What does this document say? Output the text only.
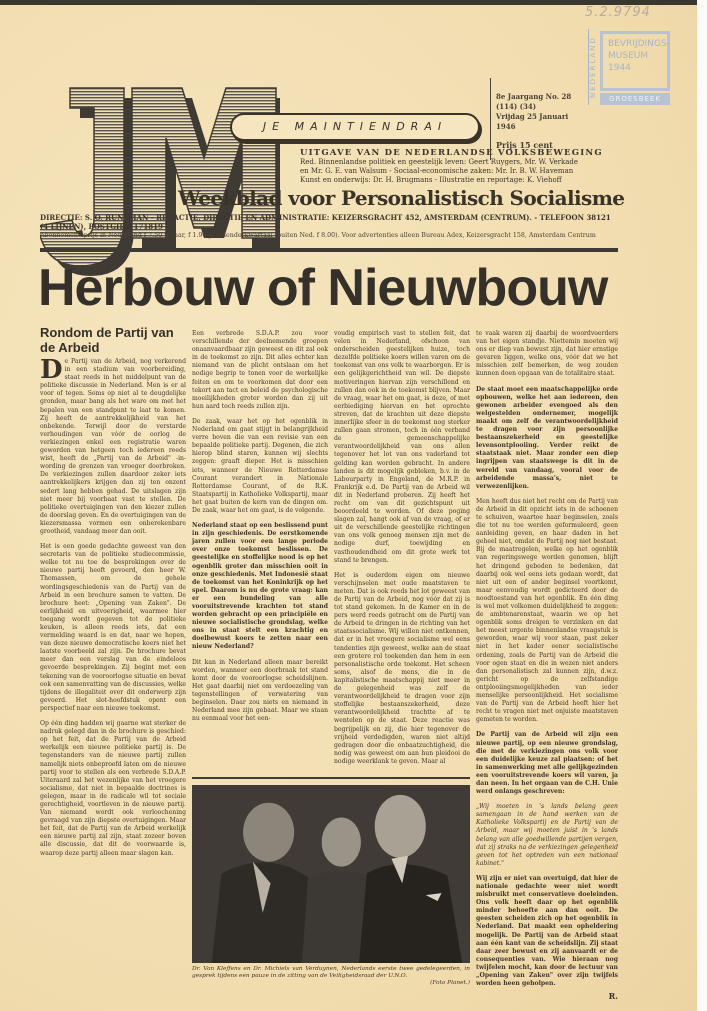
5.2.9794
NEDERLAND BEVRIJDINGS-
MUSEUM
1944
GROESBEEK
JE MAINTIENDRAI
8e Jaargang No. 28 (114) (34)
Vrijdag 25 Januari 1946
Prijs 15 cent
UITGAVE VAN DE NEDERLANDSE VOLKSBEWEGING
Red. Binnenlandse politiek en geestelijk leven: Geert Ruygers, Mr. W. Verkade
en Mr. G. E. van Walsum - Sociaal-economische zaken: Mr. Ir. B. W. Haveman
Kunst en onderwijs: Dr. H. Brugmans - Illustratie en reportage: K. Viehoff
Weekblad voor Personalistisch Socialisme
DIRECTIE: S. O. RUNEMAN - REDACTIE, DIRECTIE EN ADMINISTRATIE: KEIZERSGRACHT 452, AMSTERDAM (CENTRUM). - TELEFOON 38121 (4 LIJNEN), POSTGIRO 171819
Abonnementsprijs in Nederland f 7.50 p. jaar, f 1.90 p. kalenderkwartaal (buiten Ned. f 8.00). Voor advertenties alleen Bureau Adex, Keizersgracht 158, Amsterdam Centrum
Herbouw of Nieuwbouw
Rondom de Partij van de Arbeid

De Partij van de Arbeid, nog verkerend in een stadium van voorbereiding, staat reeds in het middelpunt van de politieke discussie in Nederland. Men is er al voor of tegen. Soms op niet al te deugdelijke gronden, maar bang als het ware om met het bepalen van een standpunt te laat te komen. Zij heeft de aantrekkelijkheid van het onbekende. Terwijl door de verstarde verhoudingen van vóór de oorlog de verkiezingen enkel een registratie waren geworden van hetgeen toch iedereen reeds wist, heeft de „Partij van de Arbeid" -in-wording de grenzen van vroeger doorbroken. De verkiezingen zullen daardoor zeker iets aantrekkelijkers krijgen dan zij ten onzent sedert lang hebben gehad. De uitslagen zijn niet meer bij voorbaat vast te stellen. De politieke overtuigingen van den kiezer zullen de doorslag geven. En de overtuigingen van de kiezersmassa vormen een onberekenbare grootheid, vandaag meer dan ooit.

Het is een goede gedachte geweest van den secretaris van de politieke studiecommissie, welke tot nu toe de besprekingen over de nieuwe partij heeft gevoerd, den heer W. Thomassen, om de gehele wordingsgeschiedenis van de Partij van de Arbeid in een brochure samen te vatten. De brochure heet: „Opening van Zaken". De eerlijkheid en uitvoerigheid, waarmee hier toegang wordt gegeven tot de politieke keuken, is alleen reeds iets, dat een vermelding waard is en dat, naar we hopen, van deze nieuwe democratische koers niet het laatste voorbeeld zal zijn. De brochure bevat meer dan een verslag van de eindeloos gevoerde besprekingen. Zij begint met een tekening van de vooroorlogse situatie en bevat ook een samenvatting van de discussies, welke tijdens de illegaliteit over dit onderwerp zijn gevoerd. Het slot-hoofdstuk opent een perspectief naar een nieuwe toekomst.

Op één ding hadden wij gaarne wat sterker de nadruk gelegd dan in de brochure is geschied: op het feit, dat de Partij van de Arbeid werkelijk een nieuwe politieke partij is. De tegenstanders van de nieuwe partij zullen namelijk niets onbeproefd laten om de nieuwe partij voor te stellen als een verbrede S.D.A.P. Uiteraard zal het wezenlijke van het vroegere socialisme, dat niet in bepaalde doctrines is gelegen, maar in de radicale wil tot sociale gerechtigheid, voortleven in de nieuwe partij. Van niemand wordt ook verloochening gevraagd van zijn diepste overtuigingen. Maar het feit, dat de Partij van de Arbeid werkelijk een nieuwe partij zal zijn, staat zozeer boven alle discussie, dat dit de voorwaarde is, waarop deze partij alleen maar slagen kan.

Een verbrede S.D.A.P. zou voor verschillende der deelnemende groepen onaanvaardbaar zijn geweest en dit zal ook in de toekomst zo zijn. Dit alles echter kan niemand van de plicht ontslaan om het nodige begrip te tonen voor de werkelijke feiten en om te voorkomen dat door een tekort aan tact en beleid de psychologische moeilijkheden groter worden dan zij uit hun aard toch reeds zullen zijn.

De zaak, waar het op het ogenblik in Nederland om gaat stijgt in belangrijkheid verre boven die van een revisie van een bepaalde politieke partij. Degenen, die zich hierop blind staren, kunnen wij slechts zeggen: graaft dieper. Het is misschien iets, wanneer de Nieuwe Rotterdamse Courant verandert in Nationale Rotterdamse Courant, of de R.K. Staatspartij in Katholieke Volkspartij, maar het gaat buiten de kern van de dingen om. De zaak, waar het om gaat, is de volgende.

Nederland staat op een beslissend punt in zijn geschiedenis. De eerstkomende jaren zullen voor een lange periode over onze toekomst beslissen. De geestelijke en stoffelijke nood is op het ogenblik groter dan misschien ooit in onze geschiedenis. Met Indonesië staat de toekomst van het Koninkrijk op het spel. Daarom is nu de grote vraag: kan er een bundeling van alle vooruitstrevende krachten tot stand worden gebracht op een principiële en nieuwe socialistische grondslag, welke ons in staat stelt een krachtig en doelbewust koers te zetten naar een nieuw Nederland?

Dit kan in Nederland alleen maar bereikt worden, wanneer een doorbraak tot stand komt door de vooroorlogse scheidslijnen. Het gaat daarbij niet om verdoezeling van tegenstellingen of verwatering van beginselen. Daar zou niets en niemand in Nederland mee zijn gebaat. Maar we staan nu eenmaal voor het een-

voudig empirisch vast te stellen feit, dat velen in Nederland, ofschoon van onderscheiden geestelijken huize, toch dezelfde politieke koers willen varen om de toekomst van ons volk te waarborgen. Er is een gelijkgerichtheid van wil. De diepste motiveringen hiervan zijn verschillend en zullen dan ook in de toekomst blijven. Maar de vraag, waar het om gaat, is deze, of met eerbiediging hiervan en het oprechte streven, dat de krachten uit deze diepste innerlijke sfeer in de toekomst nog sterker zullen gaan stromen, toch in één verband de gemeenschappelijke verantwoordelijkheid van ons allen tegenover het lot van ons vaderland tot gelding kan worden gebracht. In andere landen is dit mogelijk gebleken, b.v. in de Labourparty in Engeland, de M.R.P. in Frankrijk e.d. De Partij van de Arbeid wil dit in Nederland proberen. Zij heeft het recht om van dit gezichtspunt uit beoordeeld te worden. Of deze poging slagen zal, hangt ook af van de vraag, of er uit de verschillende geestelijke richtingen van ons volk genoeg mensen zijn met de nodige durf, toewijding en vasthoudendheid om dit grote werk tot stand te brengen.

Het is ouderdom eigen om nieuwe verschijnselen met oude maatstaven te meten. Dat is ook reeds het lot geweest van de Partij van de Arbeid, nog vóór dat zij is tot stand gekomen. In de Kamer en in de pers werd reeds getracht om de Partij van de Arbeid te dringen in de richting van het staatssocialisme. Wij willen niet ontkennen, dat er in het vroegere socialisme wel eens tendenties zijn geweest, welke aan de staat een grotere rol toekenden dan hem in een personalistische orde toekomt. Het scheen soms, alsof de mens, die in de kapitalistische maatschappij niet meer in de gelegenheid was zelf de verantwoordelijkheid te dragen voor zijn stoffelijke bestaanszekerheid, deze verantwoordelijkheid trachtte af te wentelen op de staat. Deze reactie was begrijpelijk en zij, die hier tegenover de vrijheid verdedigden, waren niet altijd gedragen door die onbaatzuchtigheid, die nodig was geweest om aan hun pleidooi de nodige weerklank te geven. Maar al

te vaak waren zij daarbij de woordvoerders van het eigen standje. Niettemin moeten wij ons er diep van bewust zijn, dat hier ernstige gevaren liggen, welke ons, vóór dat we het misschien zelf bemerken, de weg zouden kunnen doen opgaan van de totalitaire staat.

De staat moet een maatschappelijke orde opbouwen, welke het aan iedereen, den gewonen arbeider evengoed als den welgestelden ondernemer, mogelijk maakt om zelf de verantwoordelijkheid te dragen voor zijn persoonlijke bestaanszekerheid en geestelijke levensontplooiing. Verder reikt de staatstaak niet. Maar zonder een diep ingrijpen van staatswege is dit in de wereld van vandaag, vooral voor de arbeidende massa's, niet te verwezenlijken.

Men heeft dus niet het recht om de Partij van de Arbeid in dit opzicht iets in de schoenen te schuiven, waartoe haar beginselen, zoals die tot nu toe werden geformuleerd, geen aanleiding geven, en haar daden in het geheel niet, omdat de Partij nog niet bestaat. Bij de maatregelen, welke op het ogenblik van regeringswege worden genomen, blijft het dringend geboden te bedenken, dat daarbij ook wel eens iets gedaan wordt, dat niet uit een of ander beginsel voortkomt, maar eenvoudig wordt gedicteerd door de noodtoestand van het ogenblik. En één ding is wel met volkomen duidelijkheid te zeggen: de ambtenarenstaat, waarin we op het ogenblik soms dreigen te verzinken en dat het meest urgente binnenlandse vraagstuk is geworden, waar wij voor staan, past zeker niet in het kader eener socialistische ordening, zoals de Partij van de Arbeid die voor ogen staat en die in wezen niet anders dan personalistisch zal kunnen zijn, d.w.z. gericht op de zelfstandige ontplooiingsmogelijkheden van ieder menselijke persoonlijkheid. Het socialisme van de Partij van de Arbeid heeft hier het recht te vragen niet met onjuiste maatstaven gemeten te worden.

De Partij van de Arbeid wil zijn een nieuwe partij, op een nieuwe grondslag, die met de verkiezingen ons volk voor een duidelijke keuze zal plaatsen: of het in samenwerking met alle gelijkgezinden een vooruitstrevende koers wil varen, ja dan neen. In het orgaan van de C.H. Unie werd onlangs geschreven:

„Wij moeten in 's lands belang geen samengaan in de hand werken van de Katholieke Volkspartij en de Partij van de Arbeid, maar wij moeten juist in 's lands belang van alle goedwillende partijen vergen, dat zij straks na de verkiezingen gelegenheid geven tot het optreden van een nationaal kabinet."

Wij zijn er niet van overtuigd, dat hier de nationale gedachte weer niet wordt misbruikt met conservatieve doeleinden. Ons volk heeft daar op het ogenblik minder behoefte aan dan ooit. De geesten scheiden zich op het ogenblik in Nederland. Dat maakt een opheldering mogelijk. De Partij van de Arbeid staat aan één kant van de scheidslijn. Zij staat daar zeer bewust en zij aanvaardt er de consequenties van. Wie hieraan nog twijfelen mocht, kan door de lectuur van „Opening van Zaken" over zijn twijfels worden heen geholpen.

R.
Dr. Van Kleffens en Dr. Michiels van Verduynen, Nederlands eerste twee gedelegeerden, in gesprek tijdens een pauze in de zitting van de Veiligheidsraad der U.N.O.
(Foto Planet.)
